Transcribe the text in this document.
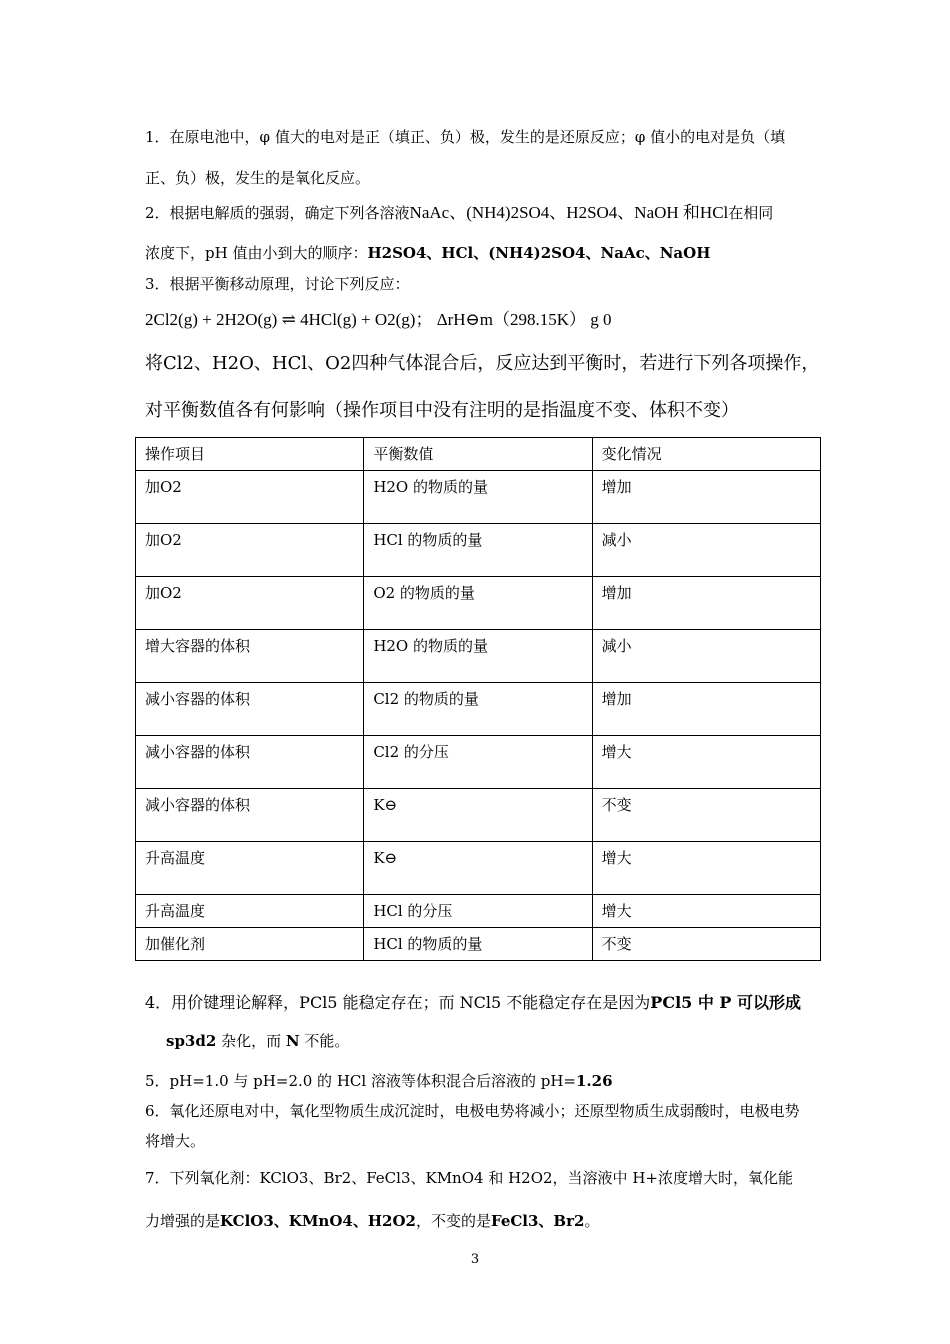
1．在原电池中，φ 值大的电对是正（填正、负）极，发生的是还原反应；φ 值小的电对是负（填
正、负）极，发生的是氧化反应。
2．根据电解质的强弱，确定下列各溶液NaAc、(NH4)2SO4、H2SO4、NaOH 和HCl在相同
浓度下，pH 值由小到大的顺序：H2SO4、HCl、(NH4)2SO4、NaAc、NaOH
3．根据平衡移动原理，讨论下列反应：
2Cl2(g) + 2H2O(g) ⇌ 4HCl(g) + O2(g)； ΔrH⊖m（298.15K） g 0
将Cl2、H2O、HCl、O2四种气体混合后，反应达到平衡时，若进行下列各项操作，
对平衡数值各有何影响（操作项目中没有注明的是指温度不变、体积不变）
操作项目	平衡数值	变化情况
加O2	H2O 的物质的量	增加
加O2	HCl 的物质的量	减小
加O2	O2 的物质的量	增加
增大容器的体积	H2O 的物质的量	减小
减小容器的体积	Cl2 的物质的量	增加
减小容器的体积	Cl2 的分压	增大
减小容器的体积	K⊖	不变
升高温度	K⊖	增大
升高温度	HCl 的分压	增大
加催化剂	HCl 的物质的量	不变
4．用价键理论解释，PCl5 能稳定存在；而 NCl5 不能稳定存在是因为PCl5 中 P 可以形成
sp3d2 杂化，而 N 不能。
5．pH=1.0 与 pH=2.0 的 HCl 溶液等体积混合后溶液的 pH=1.26
6．氧化还原电对中，氧化型物质生成沉淀时，电极电势将减小；还原型物质生成弱酸时，电极电势
将增大。
7．下列氧化剂：KClO3、Br2、FeCl3、KMnO4 和 H2O2，当溶液中 H+浓度增大时，氧化能
力增强的是KClO3、KMnO4、H2O2，不变的是FeCl3、Br2。
3
